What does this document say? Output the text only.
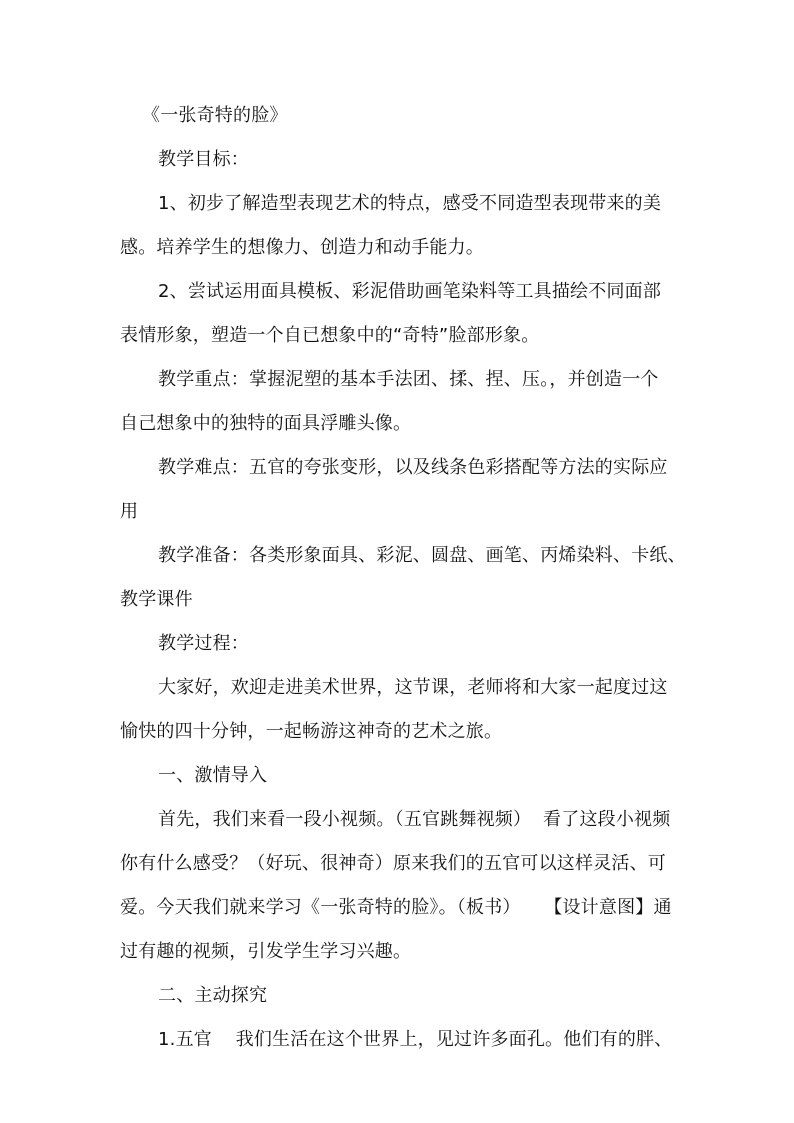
《一张奇特的脸》

教学目标：

1、初步了解造型表现艺术的特点，感受不同造型表现带来的美

感。培养学生的想像力、创造力和动手能力。

2、尝试运用面具模板、彩泥借助画笔染料等工具描绘不同面部

表情形象，塑造一个自已想象中的“奇特”脸部形象。

教学重点：掌握泥塑的基本手法团、揉、捏、压。，并创造一个

自己想象中的独特的面具浮雕头像。

教学难点：五官的夸张变形，以及线条色彩搭配等方法的实际应

用

教学准备：各类形象面具、彩泥、圆盘、画笔、丙烯染料、卡纸、

教学课件

教学过程：

大家好，欢迎走进美术世界，这节课，老师将和大家一起度过这

愉快的四十分钟，一起畅游这神奇的艺术之旅。

一、激情导入

首先，我们来看一段小视频。（五官跳舞视频）  看了这段小视频

你有什么感受？（好玩、很神奇）原来我们的五官可以这样灵活、可

爱。今天我们就来学习《一张奇特的脸》。（板书）    【设计意图】通

过有趣的视频，引发学生学习兴趣。

二、主动探究

1.五官    我们生活在这个世界上，见过许多面孔。他们有的胖、
